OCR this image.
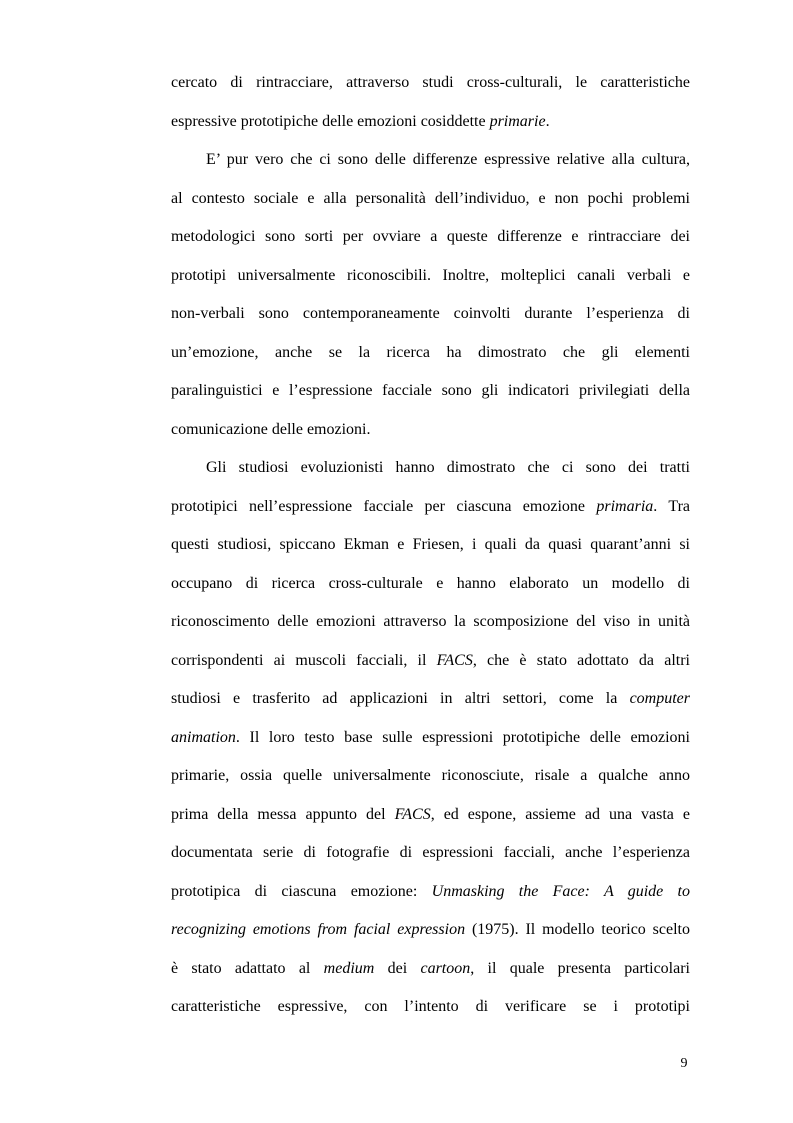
cercato di rintracciare, attraverso studi cross-culturali, le caratteristiche
espressive prototipiche delle emozioni cosiddette primarie.
E’ pur vero che ci sono delle differenze espressive relative alla cultura,
al contesto sociale e alla personalità dell’individuo, e non pochi problemi
metodologici sono sorti per ovviare a queste differenze e rintracciare dei
prototipi universalmente riconoscibili. Inoltre, molteplici canali verbali e
non-verbali sono contemporaneamente coinvolti durante l’esperienza di
un’emozione, anche se la ricerca ha dimostrato che gli elementi
paralinguistici e l’espressione facciale sono gli indicatori privilegiati della
comunicazione delle emozioni.
Gli studiosi evoluzionisti hanno dimostrato che ci sono dei tratti
prototipici nell’espressione facciale per ciascuna emozione primaria. Tra
questi studiosi, spiccano Ekman e Friesen, i quali da quasi quarant’anni si
occupano di ricerca cross-culturale e hanno elaborato un modello di
riconoscimento delle emozioni attraverso la scomposizione del viso in unità
corrispondenti ai muscoli facciali, il FACS, che è stato adottato da altri
studiosi e trasferito ad applicazioni in altri settori, come la computer
animation. Il loro testo base sulle espressioni prototipiche delle emozioni
primarie, ossia quelle universalmente riconosciute, risale a qualche anno
prima della messa appunto del FACS, ed espone, assieme ad una vasta e
documentata serie di fotografie di espressioni facciali, anche l’esperienza
prototipica di ciascuna emozione: Unmasking the Face: A guide to
recognizing emotions from facial expression (1975). Il modello teorico scelto
è stato adattato al medium dei cartoon, il quale presenta particolari
caratteristiche espressive, con l’intento di verificare se i prototipi
9
